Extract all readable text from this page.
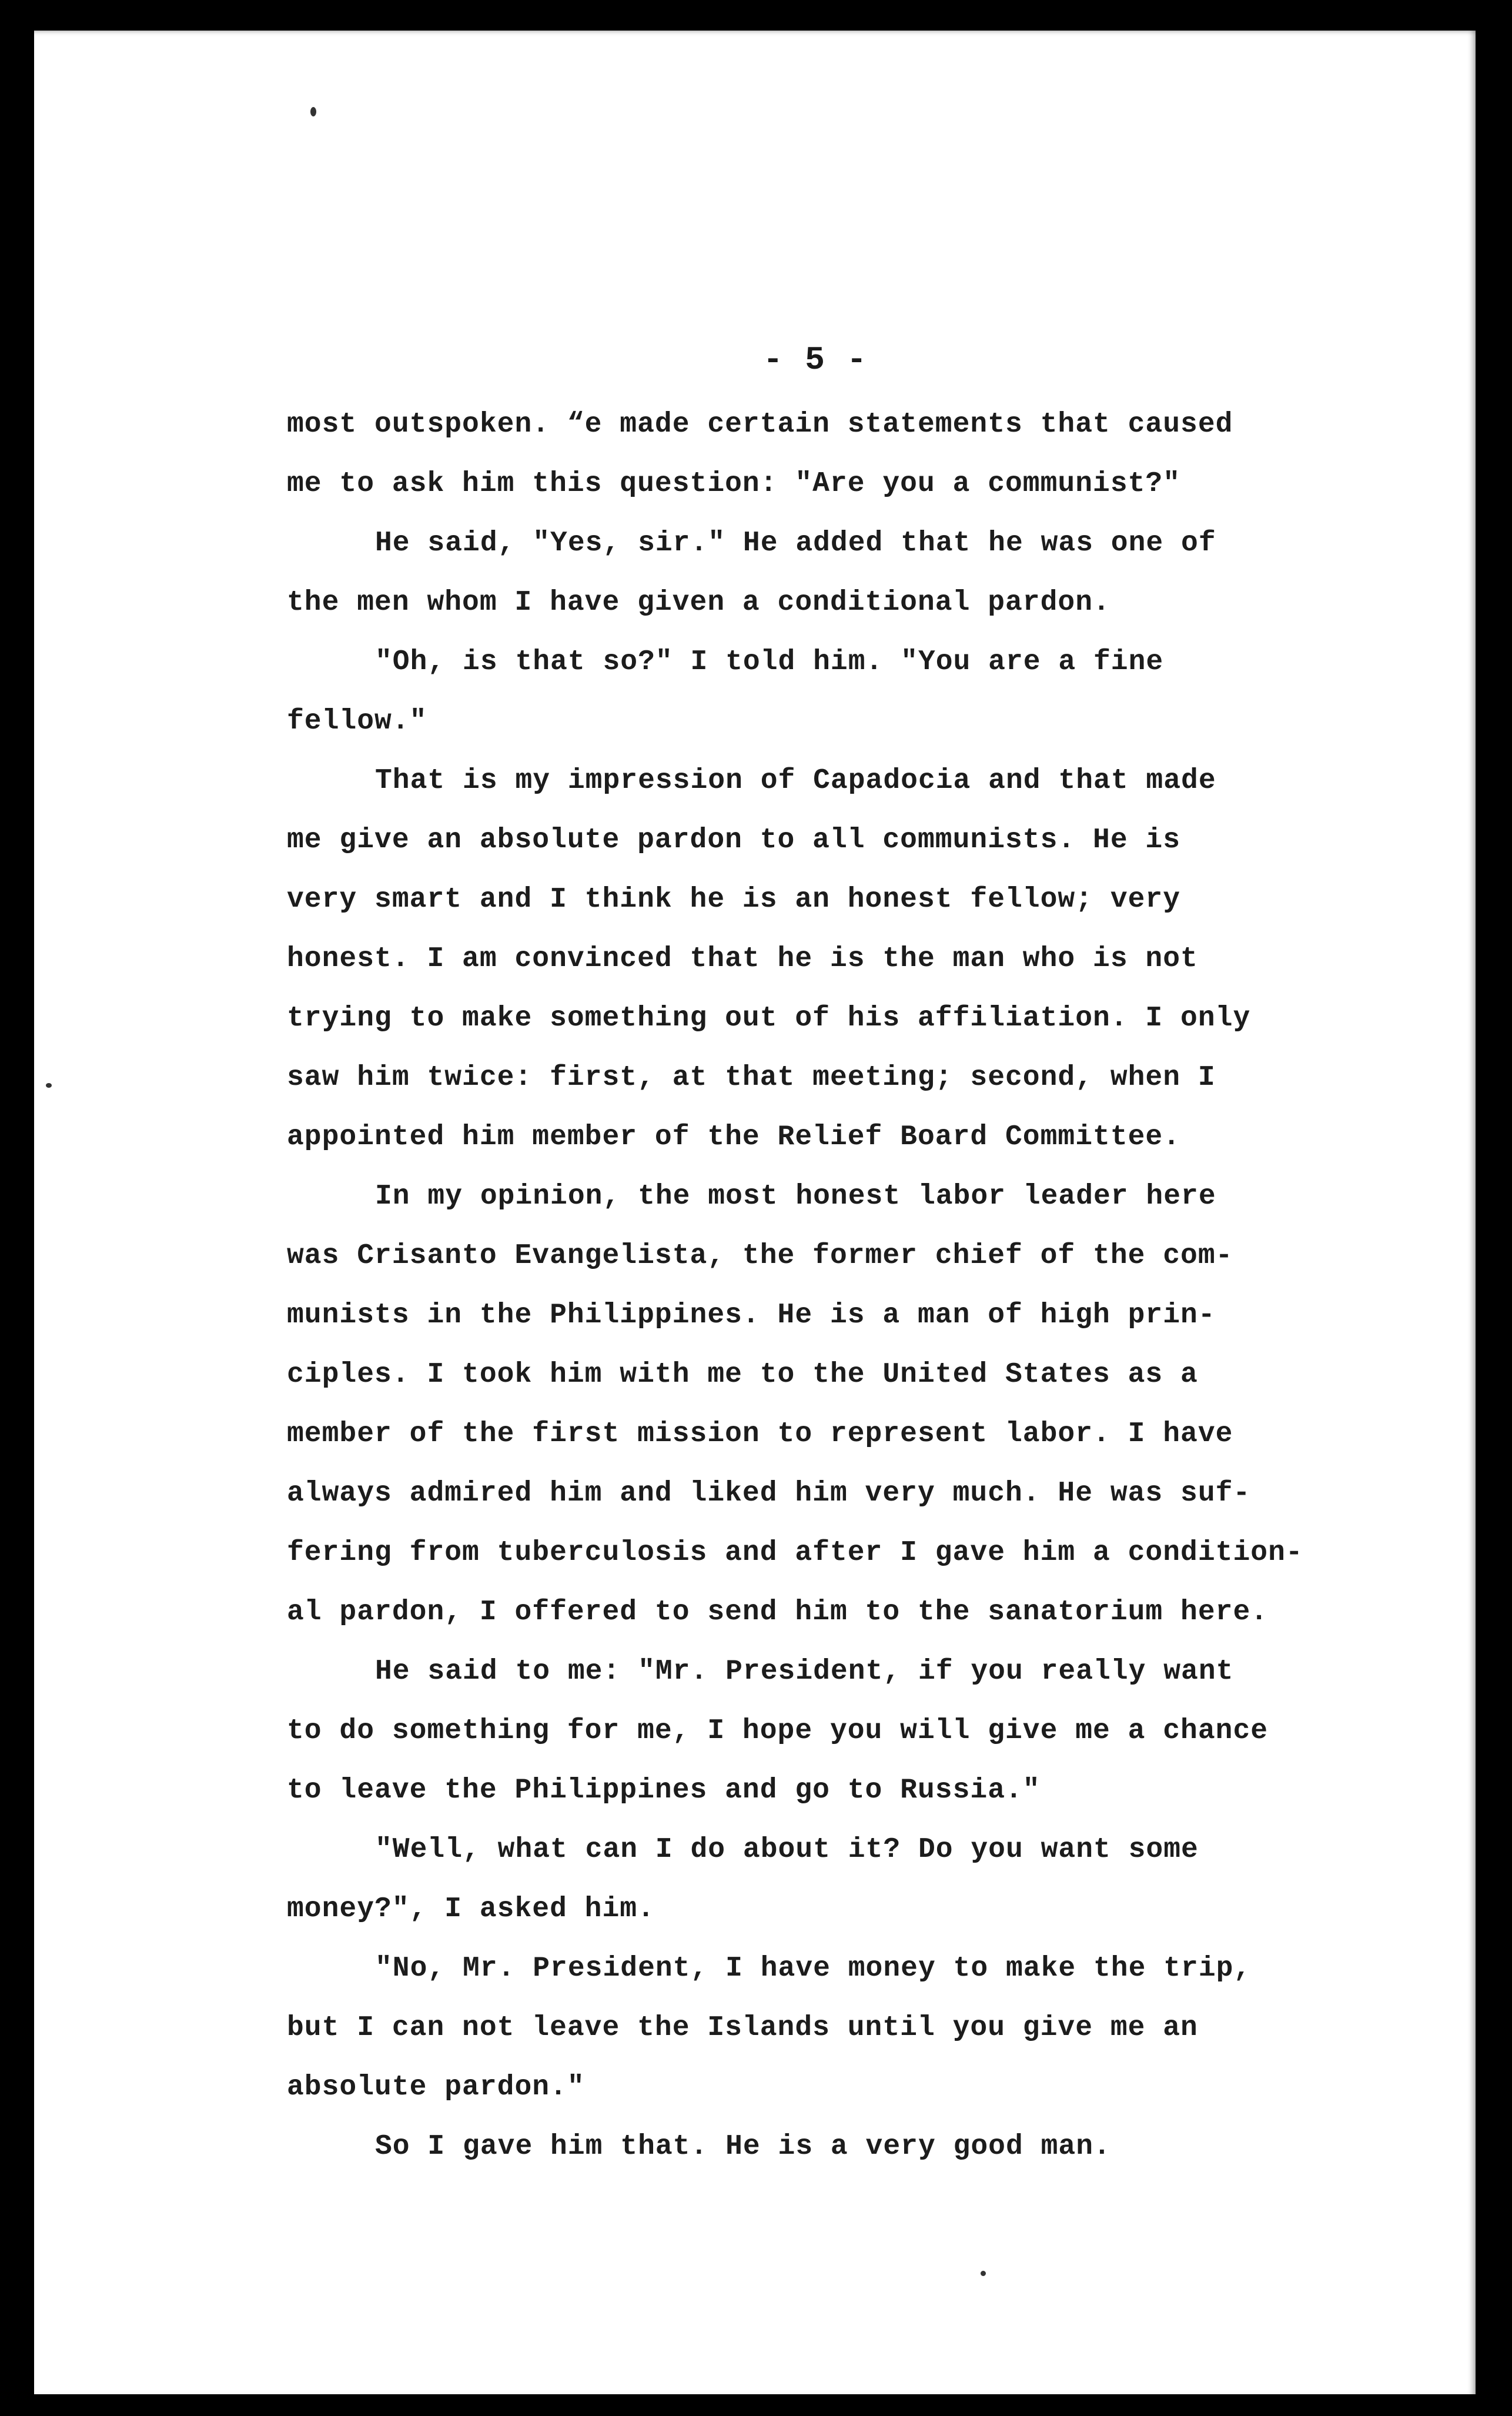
- 5 -
most outspoken. “e made certain statements that caused
me to ask him this question: "Are you a communist?"
He said, "Yes, sir." He added that he was one of
the men whom I have given a conditional pardon.
"Oh, is that so?" I told him. "You are a fine
fellow."
That is my impression of Capadocia and that made
me give an absolute pardon to all communists. He is
very smart and I think he is an honest fellow; very
honest. I am convinced that he is the man who is not
trying to make something out of his affiliation. I only
saw him twice: first, at that meeting; second, when I
appointed him member of the Relief Board Committee.
In my opinion, the most honest labor leader here
was Crisanto Evangelista, the former chief of the com-
munists in the Philippines. He is a man of high prin-
ciples. I took him with me to the United States as a
member of the first mission to represent labor. I have
always admired him and liked him very much. He was suf-
fering from tuberculosis and after I gave him a condition-
al pardon, I offered to send him to the sanatorium here.
He said to me: "Mr. President, if you really want
to do something for me, I hope you will give me a chance
to leave the Philippines and go to Russia."
"Well, what can I do about it? Do you want some
money?", I asked him.
"No, Mr. President, I have money to make the trip,
but I can not leave the Islands until you give me an
absolute pardon."
So I gave him that. He is a very good man.
